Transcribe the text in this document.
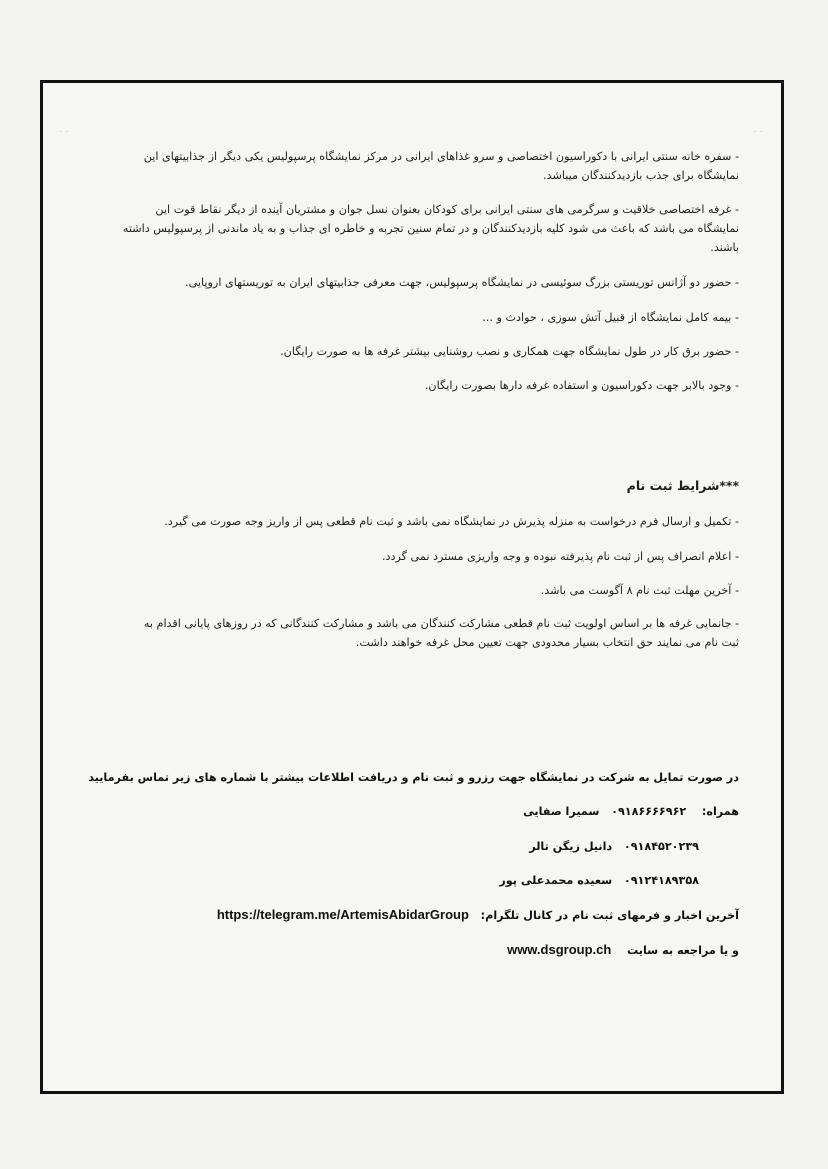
· ·	· ·
- سفره خانه سنتی ایرانی با دکوراسیون اختصاصی و سرو غذاهای ایرانی در مرکز نمایشگاه پرسپولیس یکی دیگر از جذابیتهای این
نمایشگاه برای جذب بازدیدکنندگان میباشد.
- غرفه اختصاصی خلاقیت و سرگرمی های سنتی ایرانی برای کودکان بعنوان نسل جوان و مشتریان آینده از دیگر نقاط قوت این
نمایشگاه می باشد که باعث می شود کلیه بازدیدکنندگان و در تمام سنین تجربه و خاطره ای جذاب و به یاد ماندنی از پرسپولیس داشته
باشند.
- حضور دو آژانس توریستی بزرگ سوئیسی در نمایشگاه پرسپولیس، جهت معرفی جذابیتهای ایران به توریستهای اروپایی.
- بیمه کامل نمایشگاه از قبیل آتش سوزی ، حوادث و ...
- حضور برق کار در طول نمایشگاه جهت همکاری و نصب روشنایی بیشتر غرفه ها به صورت رایگان.
- وجود بالابر جهت دکوراسیون و استفاده غرفه دارها بصورت رایگان.
***شرایط ثبت نام
- تکمیل و ارسال فرم درخواست به منزله پذیرش در نمایشگاه نمی باشد و ثبت نام قطعی پس از واریز وجه صورت می گیرد.
- اعلام انصراف پس از ثبت نام پذیرفته نبوده و وجه واریزی مسترد نمی گردد.
- آخرین مهلت ثبت نام ۸ آگوست می باشد.
- جانمایی غرفه ها بر اساس اولویت ثبت نام قطعی مشارکت کنندگان می باشد و مشارکت کنندگانی که در روزهای پایانی اقدام به
ثبت نام می نمایند حق انتخاب بسیار محدودی جهت تعیین محل غرفه خواهند داشت.
در صورت تمایل به شرکت در نمایشگاه جهت رزرو و ثبت نام و دریافت اطلاعات بیشتر با شماره های زیر تماس بفرمایید
همراه:    ۰۹۱۸۶۶۶۶۹۶۲   سمیرا صفایی
۰۹۱۸۴۵۲۰۲۳۹   دانیل زیگن تالر
۰۹۱۲۴۱۸۹۳۵۸   سعیده محمدعلی پور
آخرین اخبار و فرمهای ثبت نام در کانال تلگرام:   https://telegram.me/ArtemisAbidarGroup
و یا مراجعه به سایت    www.dsgroup.ch
